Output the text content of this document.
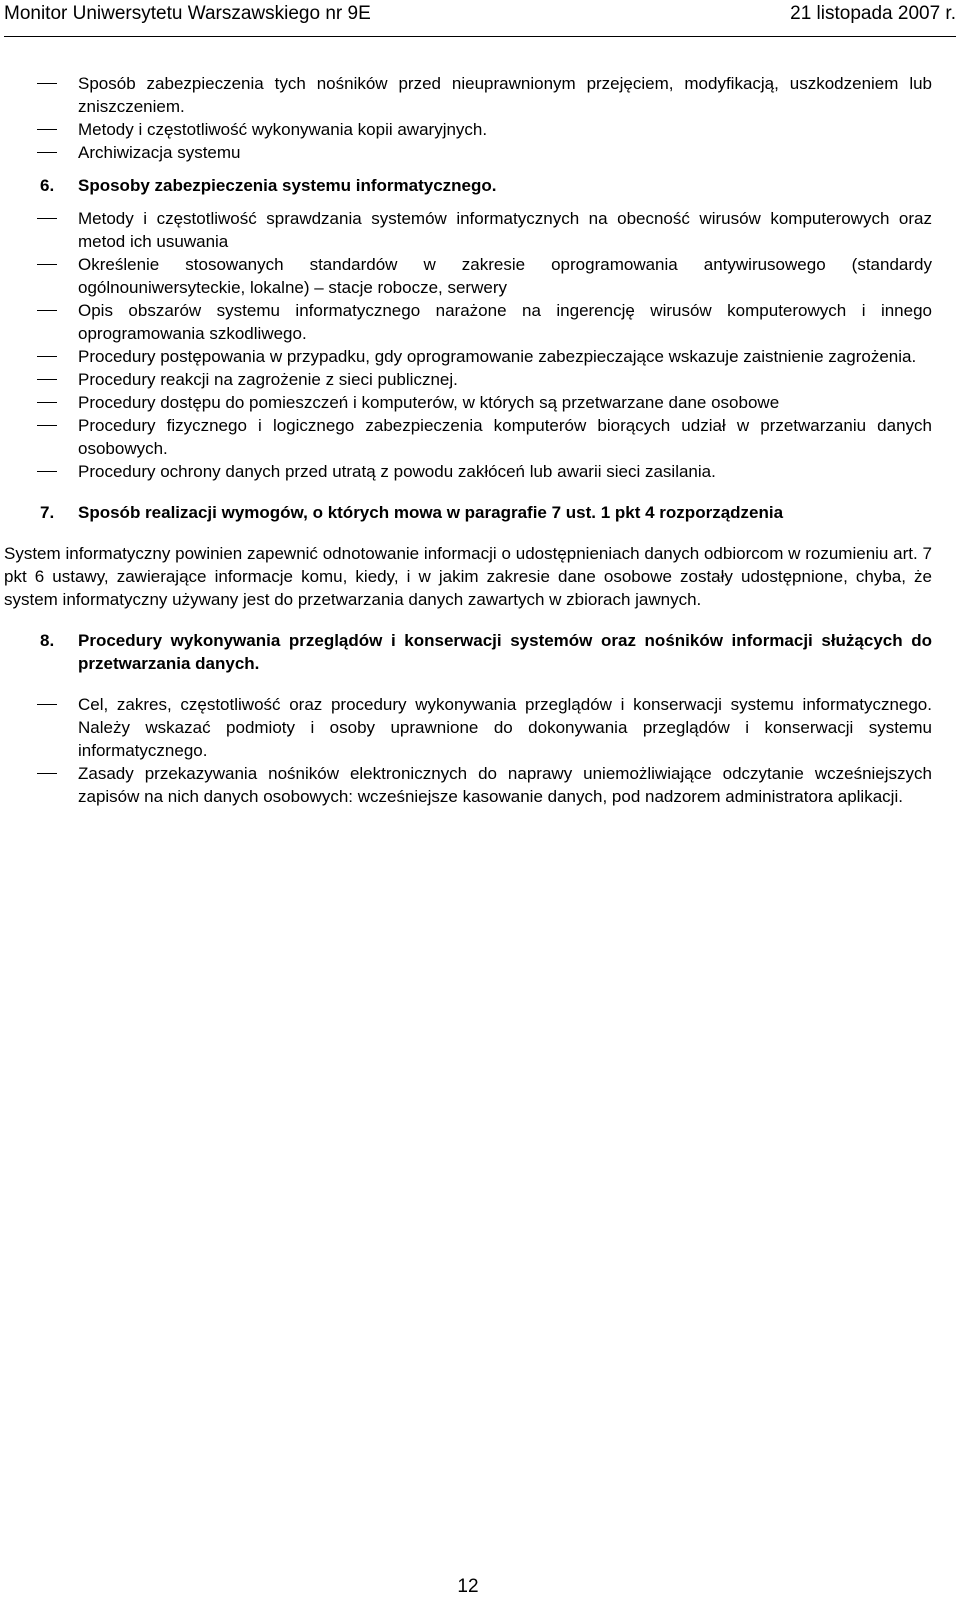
Monitor Uniwersytetu Warszawskiego nr 9E	21 listopada 2007 r.
Sposób zabezpieczenia tych nośników przed nieuprawnionym przejęciem, modyfikacją, uszkodzeniem lub zniszczeniem.
Metody i częstotliwość wykonywania kopii awaryjnych.
Archiwizacja systemu
6. Sposoby zabezpieczenia systemu informatycznego.
Metody i częstotliwość sprawdzania systemów informatycznych na obecność wirusów komputerowych oraz metod ich usuwania
Określenie stosowanych standardów w zakresie oprogramowania antywirusowego (standardy ogólnouniwersyteckie, lokalne) – stacje robocze, serwery
Opis obszarów systemu informatycznego narażone na ingerencję wirusów komputerowych i innego oprogramowania szkodliwego.
Procedury postępowania w przypadku, gdy oprogramowanie zabezpieczające wskazuje zaistnienie zagrożenia.
Procedury reakcji na zagrożenie z sieci publicznej.
Procedury dostępu do pomieszczeń i komputerów, w których są przetwarzane dane osobowe
Procedury fizycznego i logicznego zabezpieczenia komputerów biorących udział w przetwarzaniu danych osobowych.
Procedury ochrony danych przed utratą z powodu zakłóceń lub awarii sieci zasilania.
7. Sposób realizacji wymogów, o których mowa w paragrafie 7 ust. 1 pkt 4 rozporządzenia

System informatyczny powinien zapewnić odnotowanie informacji o udostępnieniach danych odbiorcom w rozumieniu art. 7 pkt 6 ustawy, zawierające informacje komu, kiedy, i w jakim zakresie dane osobowe zostały udostępnione, chyba, że system informatyczny używany jest do przetwarzania danych zawartych w zbiorach jawnych.

8. Procedury wykonywania przeglądów i konserwacji systemów oraz nośników informacji służących do przetwarzania danych.
Cel, zakres, częstotliwość oraz procedury wykonywania przeglądów i konserwacji systemu informatycznego. Należy wskazać podmioty i osoby uprawnione do dokonywania przeglądów i konserwacji systemu informatycznego.
Zasady przekazywania nośników elektronicznych do naprawy uniemożliwiające odczytanie wcześniejszych zapisów na nich danych osobowych: wcześniejsze kasowanie danych, pod nadzorem administratora aplikacji.
12
